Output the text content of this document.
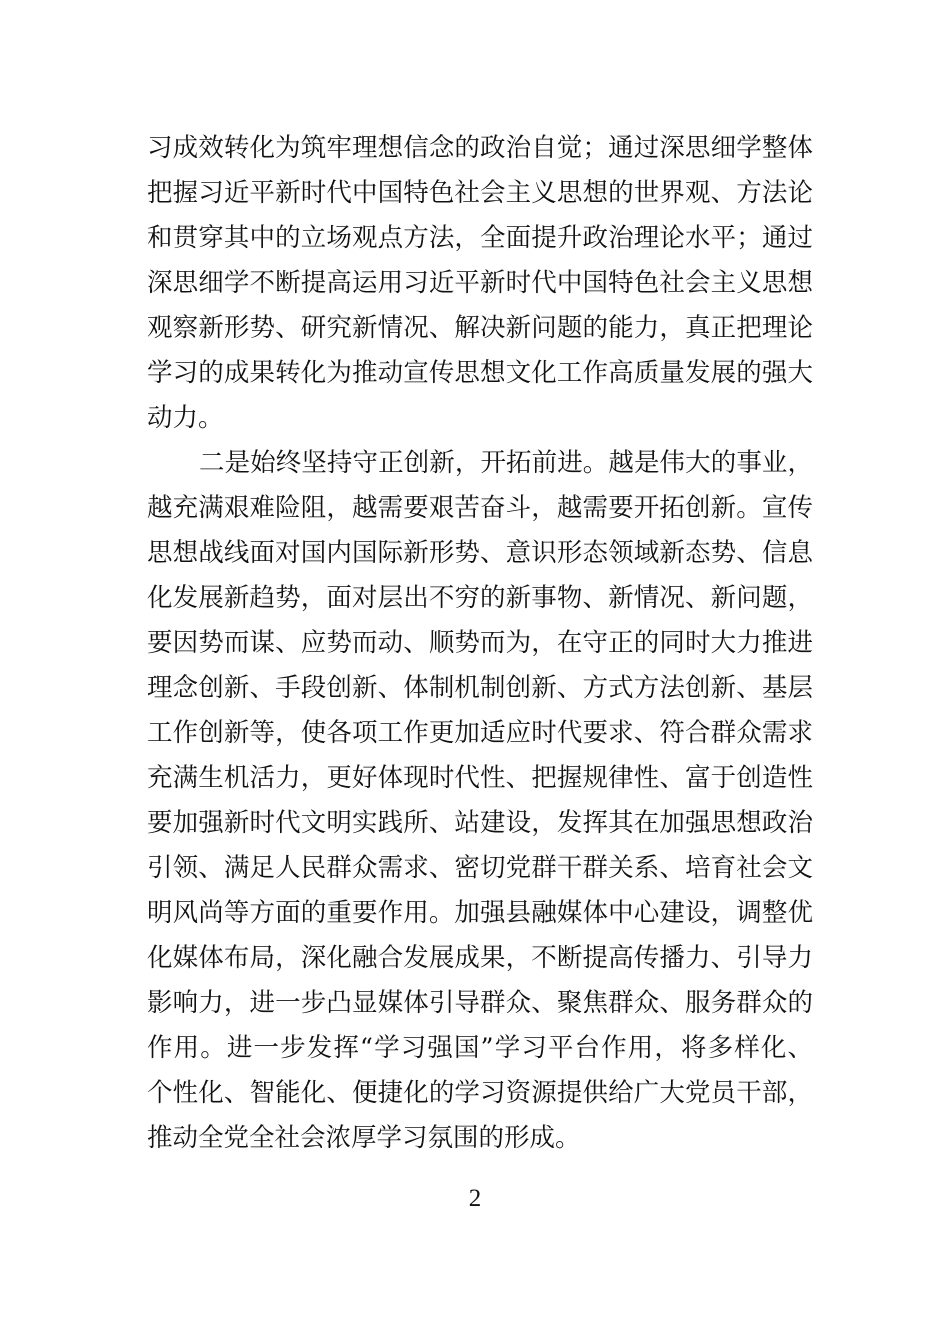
习成效转化为筑牢理想信念的政治自觉；通过深思细学整体
把握习近平新时代中国特色社会主义思想的世界观、方法论
和贯穿其中的立场观点方法，全面提升政治理论水平；通过
深思细学不断提高运用习近平新时代中国特色社会主义思想
观察新形势、研究新情况、解决新问题的能力，真正把理论
学习的成果转化为推动宣传思想文化工作高质量发展的强大
动力。
二是始终坚持守正创新，开拓前进。越是伟大的事业，
越充满艰难险阻，越需要艰苦奋斗，越需要开拓创新。宣传
思想战线面对国内国际新形势、意识形态领域新态势、信息
化发展新趋势，面对层出不穷的新事物、新情况、新问题，
要因势而谋、应势而动、顺势而为，在守正的同时大力推进
理念创新、手段创新、体制机制创新、方式方法创新、基层
工作创新等，使各项工作更加适应时代要求、符合群众需求
充满生机活力，更好体现时代性、把握规律性、富于创造性
要加强新时代文明实践所、站建设，发挥其在加强思想政治
引领、满足人民群众需求、密切党群干群关系、培育社会文
明风尚等方面的重要作用。加强县融媒体中心建设，调整优
化媒体布局，深化融合发展成果，不断提高传播力、引导力
影响力，进一步凸显媒体引导群众、聚焦群众、服务群众的
作用。进一步发挥“学习强国”学习平台作用，将多样化、
个性化、智能化、便捷化的学习资源提供给广大党员干部，
推动全党全社会浓厚学习氛围的形成。
2
